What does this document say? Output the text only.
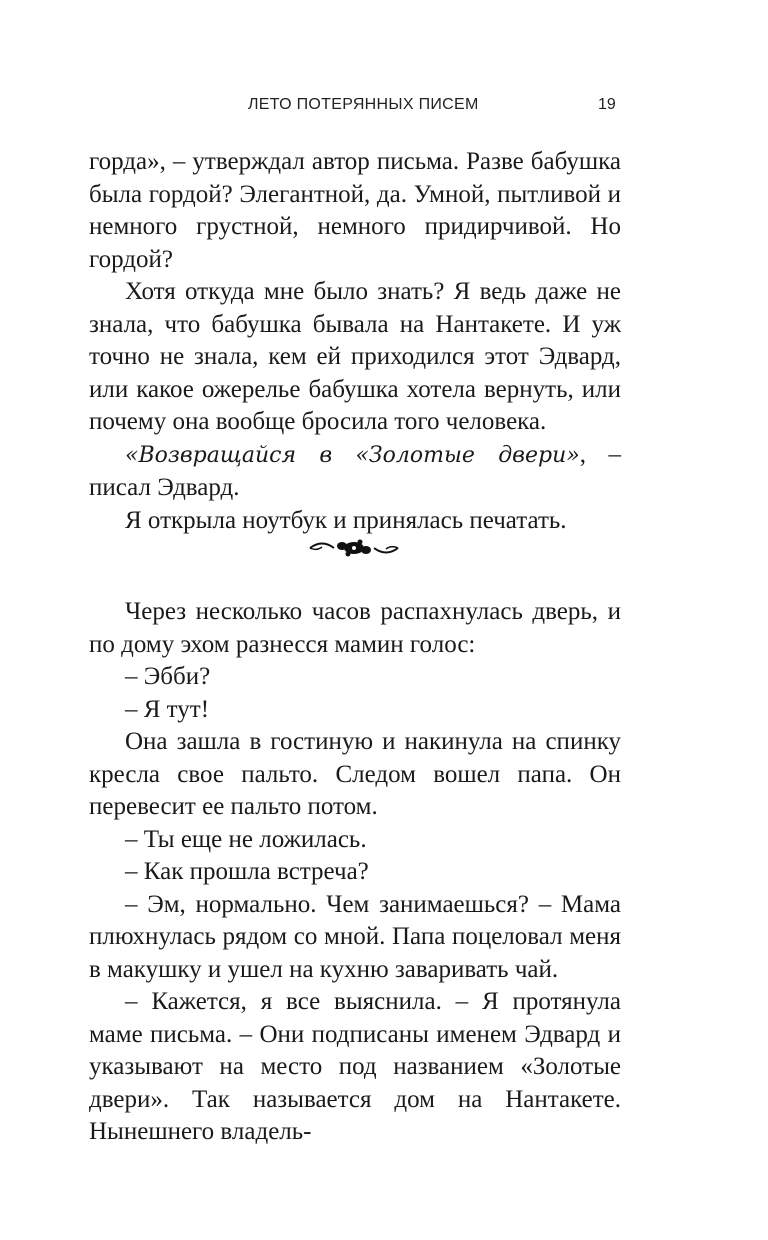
ЛЕТО ПОТЕРЯННЫХ ПИСЕМ	19

горда», – утверждал автор письма. Разве бабушка была гордой? Элегантной, да. Умной, пытливой и немного грустной, немного придирчивой. Но гордой?

Хотя откуда мне было знать? Я ведь даже не знала, что бабушка бывала на Нантакете. И уж точно не знала, кем ей приходился этот Эдвард, или какое ожерелье бабушка хотела вернуть, или почему она вообще бросила того человека.

«Возвращайся в «Золотые двери», – писал Эдвард.

Я открыла ноутбук и принялась печатать.

Через несколько часов распахнулась дверь, и по дому эхом разнесся мамин голос:

– Эбби?

– Я тут!

Она зашла в гостиную и накинула на спинку кресла свое пальто. Следом вошел папа. Он перевесит ее пальто потом.

– Ты еще не ложилась.

– Как прошла встреча?

– Эм, нормально. Чем занимаешься? – Мама плюхнулась рядом со мной. Папа поцеловал меня в макушку и ушел на кухню заваривать чай.

– Кажется, я все выяснила. – Я протянула маме письма. – Они подписаны именем Эдвард и указывают на место под названием «Золотые двери». Так называется дом на Нантакете. Нынешнего владель-
